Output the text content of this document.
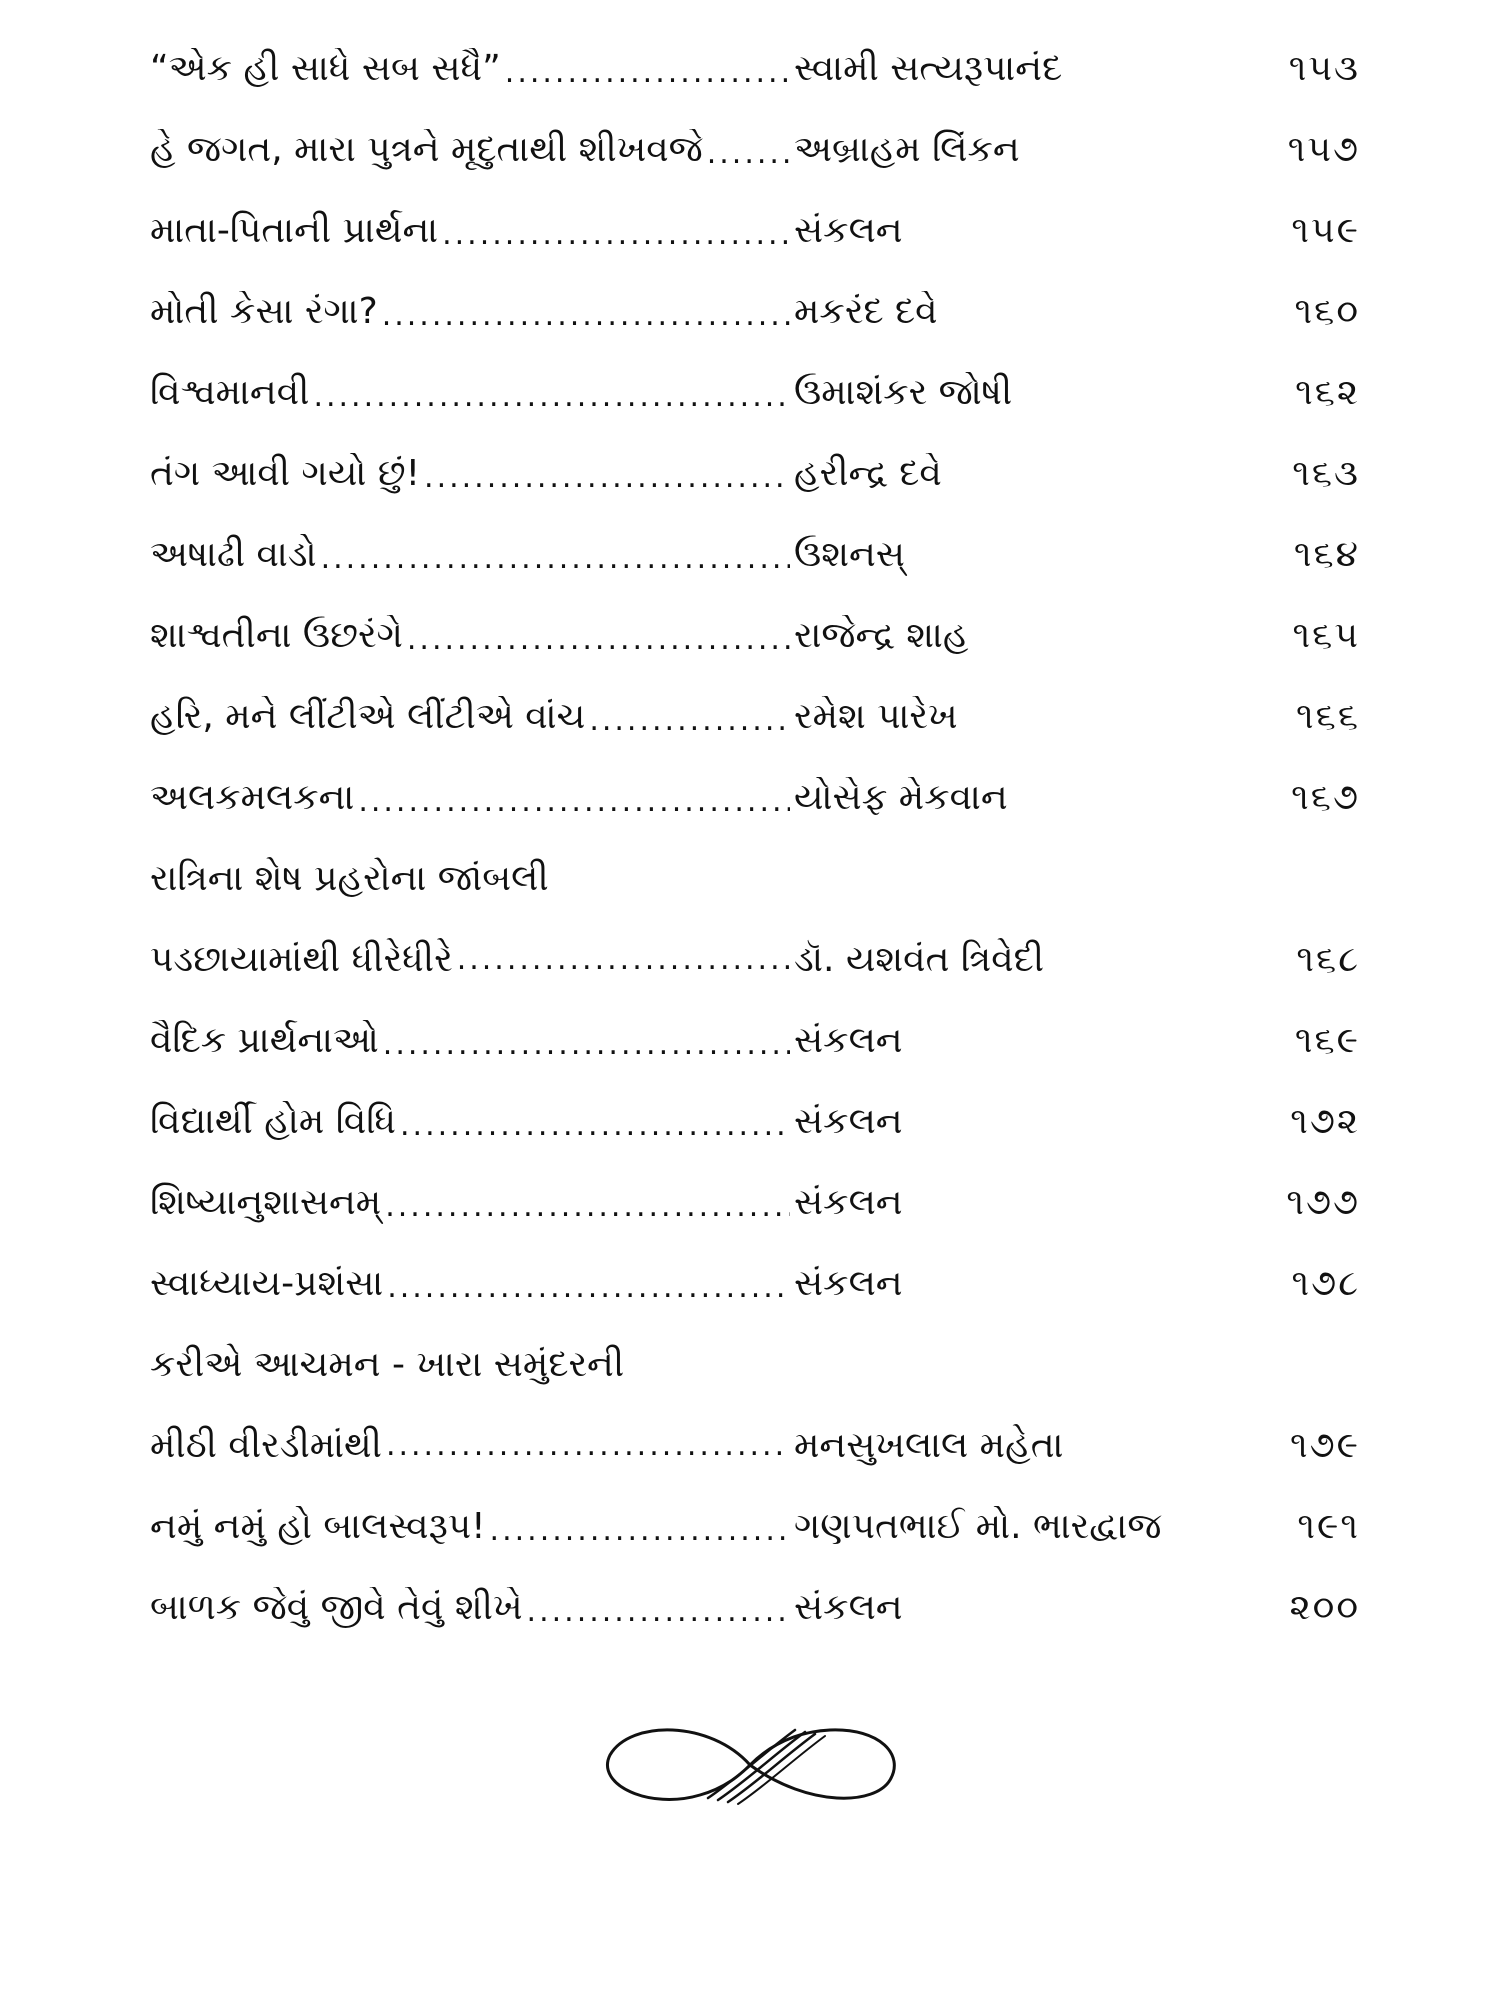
“એક હી સાધે સબ સધૈ” .....	સ્વામી સત્યરૂપાનંદ	૧૫૩
હે જગત, મારા પુત્રને મૃદુતાથી શીખવજે .....	અબ્રાહમ લિંકન	૧૫૭
માતા-પિતાની પ્રાર્થના .....	સંકલન	૧૫૯
મોતી કેસા રંગા? .....	મકરંદ દવે	૧૬૦
વિશ્વમાનવી .....	ઉમાશંકર જોષી	૧૬૨
તંગ આવી ગયો છું! .....	હરીન્દ્ર દવે	૧૬૩
અષાઢી વાડો .....	ઉશનસ્	૧૬૪
શાશ્વતીના ઉછરંગે .....	રાજેન્દ્ર શાહ	૧૬૫
હરિ, મને લીંટીએ લીંટીએ વાંચ .....	રમેશ પારેખ	૧૬૬
અલકમલકના .....	યોસેફ મેકવાન	૧૬૭
રાત્રિના શેષ પ્રહરોના જાંબલી
પડછાયામાંથી ધીરેધીરે .....	ડૉ. યશવંત ત્રિવેદી	૧૬૮
વૈદિક પ્રાર્થનાઓ .....	સંકલન	૧૬૯
વિદ્યાર્થી હોમ વિધિ .....	સંકલન	૧૭૨
શિષ્યાનુશાસનમ્ .....	સંકલન	૧૭૭
સ્વાધ્યાય-પ્રશંસા .....	સંકલન	૧૭૮
કરીએ આચમન - ખારા સમુંદરની
મીઠી વીરડીમાંથી .....	મનસુખલાલ મહેતા	૧૭૯
નમું નમું હો બાલસ્વરૂપ! .....	ગણપતભાઈ મો. ભારદ્વાજ	૧૯૧
બાળક જેવું જીવે તેવું શીખે .....	સંકલન	૨૦૦
